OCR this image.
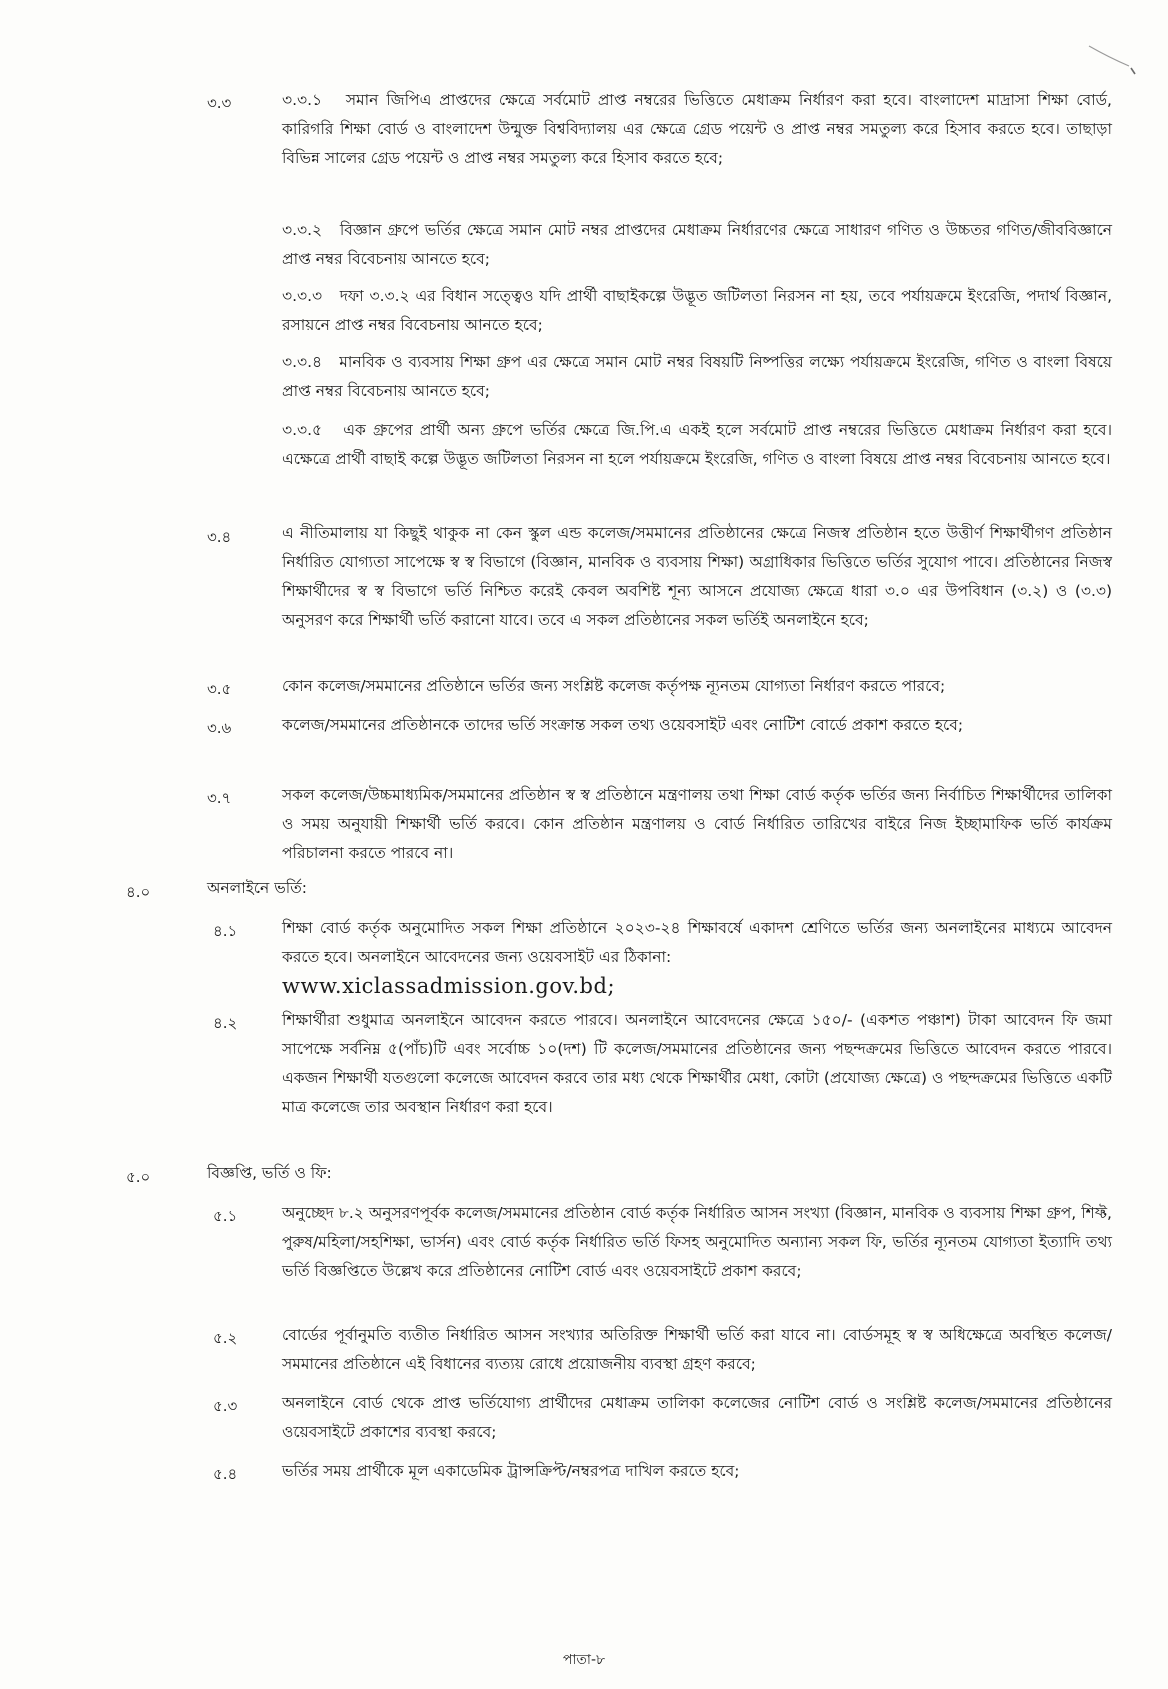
৩.৩	৩.৩.১ সমান জিপিএ প্রাপ্তদের ক্ষেত্রে সর্বমোট প্রাপ্ত নম্বরের ভিত্তিতে মেধাক্রম নির্ধারণ করা হবে। বাংলাদেশ মাদ্রাসা শিক্ষা বোর্ড, কারিগরি শিক্ষা বোর্ড ও বাংলাদেশ উন্মুক্ত বিশ্ববিদ্যালয় এর ক্ষেত্রে গ্রেড পয়েন্ট ও প্রাপ্ত নম্বর সমতুল্য করে হিসাব করতে হবে। তাছাড়া বিভিন্ন সালের গ্রেড পয়েন্ট ও প্রাপ্ত নম্বর সমতুল্য করে হিসাব করতে হবে;
৩.৩.২ বিজ্ঞান গ্রুপে ভর্তির ক্ষেত্রে সমান মোট নম্বর প্রাপ্তদের মেধাক্রম নির্ধারণের ক্ষেত্রে সাধারণ গণিত ও উচ্চতর গণিত/জীববিজ্ঞানে প্রাপ্ত নম্বর বিবেচনায় আনতে হবে;
৩.৩.৩ দফা ৩.৩.২ এর বিধান সত্ত্বেও যদি প্রার্থী বাছাইকল্পে উদ্ভূত জটিলতা নিরসন না হয়, তবে পর্যায়ক্রমে ইংরেজি, পদার্থ বিজ্ঞান, রসায়নে প্রাপ্ত নম্বর বিবেচনায় আনতে হবে;
৩.৩.৪ মানবিক ও ব্যবসায় শিক্ষা গ্রুপ এর ক্ষেত্রে সমান মোট নম্বর বিষয়টি নিষ্পত্তির লক্ষ্যে পর্যায়ক্রমে ইংরেজি, গণিত ও বাংলা বিষয়ে প্রাপ্ত নম্বর বিবেচনায় আনতে হবে;
৩.৩.৫ এক গ্রুপের প্রার্থী অন্য গ্রুপে ভর্তির ক্ষেত্রে জি.পি.এ একই হলে সর্বমোট প্রাপ্ত নম্বরের ভিত্তিতে মেধাক্রম নির্ধারণ করা হবে। এক্ষেত্রে প্রার্থী বাছাই কল্পে উদ্ভূত জটিলতা নিরসন না হলে পর্যায়ক্রমে ইংরেজি, গণিত ও বাংলা বিষয়ে প্রাপ্ত নম্বর বিবেচনায় আনতে হবে।
৩.৪	এ নীতিমালায় যা কিছুই থাকুক না কেন স্কুল এন্ড কলেজ/সমমানের প্রতিষ্ঠানের ক্ষেত্রে নিজস্ব প্রতিষ্ঠান হতে উত্তীর্ণ শিক্ষার্থীগণ প্রতিষ্ঠান নির্ধারিত যোগ্যতা সাপেক্ষে স্ব স্ব বিভাগে (বিজ্ঞান, মানবিক ও ব্যবসায় শিক্ষা) অগ্রাধিকার ভিত্তিতে ভর্তির সুযোগ পাবে। প্রতিষ্ঠানের নিজস্ব শিক্ষার্থীদের স্ব স্ব বিভাগে ভর্তি নিশ্চিত করেই কেবল অবশিষ্ট শূন্য আসনে প্রযোজ্য ক্ষেত্রে ধারা ৩.০ এর উপবিধান (৩.২) ও (৩.৩) অনুসরণ করে শিক্ষার্থী ভর্তি করানো যাবে। তবে এ সকল প্রতিষ্ঠানের সকল ভর্তিই অনলাইনে হবে;
৩.৫	কোন কলেজ/সমমানের প্রতিষ্ঠানে ভর্তির জন্য সংশ্লিষ্ট কলেজ কর্তৃপক্ষ ন্যূনতম যোগ্যতা নির্ধারণ করতে পারবে;
৩.৬	কলেজ/সমমানের প্রতিষ্ঠানকে তাদের ভর্তি সংক্রান্ত সকল তথ্য ওয়েবসাইট এবং নোটিশ বোর্ডে প্রকাশ করতে হবে;
৩.৭	সকল কলেজ/উচ্চমাধ্যমিক/সমমানের প্রতিষ্ঠান স্ব স্ব প্রতিষ্ঠানে মন্ত্রণালয় তথা শিক্ষা বোর্ড কর্তৃক ভর্তির জন্য নির্বাচিত শিক্ষার্থীদের তালিকা ও সময় অনুযায়ী শিক্ষার্থী ভর্তি করবে। কোন প্রতিষ্ঠান মন্ত্রণালয় ও বোর্ড নির্ধারিত তারিখের বাইরে নিজ ইচ্ছামাফিক ভর্তি কার্যক্রম পরিচালনা করতে পারবে না।
৪.০	অনলাইনে ভর্তি:
৪.১	শিক্ষা বোর্ড কর্তৃক অনুমোদিত সকল শিক্ষা প্রতিষ্ঠানে ২০২৩-২৪ শিক্ষাবর্ষে একাদশ শ্রেণিতে ভর্তির জন্য অনলাইনের মাধ্যমে আবেদন করতে হবে। অনলাইনে আবেদনের জন্য ওয়েবসাইট এর ঠিকানা:
www.xiclassadmission.gov.bd;
৪.২	শিক্ষার্থীরা শুধুমাত্র অনলাইনে আবেদন করতে পারবে। অনলাইনে আবেদনের ক্ষেত্রে ১৫০/- (একশত পঞ্চাশ) টাকা আবেদন ফি জমা সাপেক্ষে সর্বনিম্ন ৫(পাঁচ)টি এবং সর্বোচ্চ ১০(দশ) টি কলেজ/সমমানের প্রতিষ্ঠানের জন্য পছন্দক্রমের ভিত্তিতে আবেদন করতে পারবে। একজন শিক্ষার্থী যতগুলো কলেজে আবেদন করবে তার মধ্য থেকে শিক্ষার্থীর মেধা, কোটা (প্রযোজ্য ক্ষেত্রে) ও পছন্দক্রমের ভিত্তিতে একটি মাত্র কলেজে তার অবস্থান নির্ধারণ করা হবে।
৫.০	বিজ্ঞপ্তি, ভর্তি ও ফি:
৫.১	অনুচ্ছেদ ৮.২ অনুসরণপূর্বক কলেজ/সমমানের প্রতিষ্ঠান বোর্ড কর্তৃক নির্ধারিত আসন সংখ্যা (বিজ্ঞান, মানবিক ও ব্যবসায় শিক্ষা গ্রুপ, শিফ্ট, পুরুষ/মহিলা/সহশিক্ষা, ভার্সন) এবং বোর্ড কর্তৃক নির্ধারিত ভর্তি ফিসহ অনুমোদিত অন্যান্য সকল ফি, ভর্তির ন্যূনতম যোগ্যতা ইত্যাদি তথ্য ভর্তি বিজ্ঞপ্তিতে উল্লেখ করে প্রতিষ্ঠানের নোটিশ বোর্ড এবং ওয়েবসাইটে প্রকাশ করবে;
৫.২	বোর্ডের পূর্বানুমতি ব্যতীত নির্ধারিত আসন সংখ্যার অতিরিক্ত শিক্ষার্থী ভর্তি করা যাবে না। বোর্ডসমূহ স্ব স্ব অধিক্ষেত্রে অবস্থিত কলেজ/সমমানের প্রতিষ্ঠানে এই বিধানের ব্যত্যয় রোধে প্রয়োজনীয় ব্যবস্থা গ্রহণ করবে;
৫.৩	অনলাইনে বোর্ড থেকে প্রাপ্ত ভর্তিযোগ্য প্রার্থীদের মেধাক্রম তালিকা কলেজের নোটিশ বোর্ড ও সংশ্লিষ্ট কলেজ/সমমানের প্রতিষ্ঠানের ওয়েবসাইটে প্রকাশের ব্যবস্থা করবে;
৫.৪	ভর্তির সময় প্রার্থীকে মূল একাডেমিক ট্রান্সক্রিপ্ট/নম্বরপত্র দাখিল করতে হবে;
পাতা-৮
